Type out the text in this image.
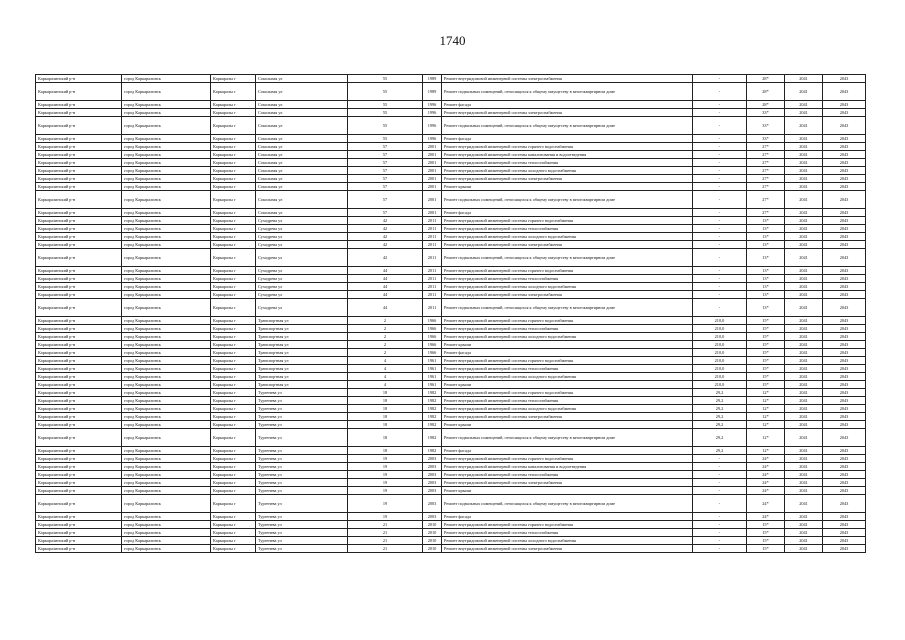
1740
Каркаралинский р-н	город Каркаралинск	Каркаралы г	Сокольная ул	55	1989	Ремонт внутридомовой инженерной системы электроснабжения	-	28*	2041	2043
Каркаралинский р-н	город Каркаралинск	Каркаралы г	Сокольная ул	55	1989	Ремонт подвальных помещений, относящихся к общему имуществу в многоквартирном доме	-	28*	2041	2043
Каркаралинский р-н	город Каркаралинск	Каркаралы г	Сокольная ул	55	1996	Ремонт фасада	-	28*	2041	2043
Каркаралинский р-н	город Каркаралинск	Каркаралы г	Сокольная ул	55	1996	Ремонт внутридомовой инженерной системы электроснабжения	-	33*	2041	2043
Каркаралинский р-н	город Каркаралинск	Каркаралы г	Сокольная ул	55	1996	Ремонт подвальных помещений, относящихся к общему имуществу в многоквартирном доме	-	33*	2041	2043
Каркаралинский р-н	город Каркаралинск	Каркаралы г	Сокольная ул	55	1996	Ремонт фасада	-	33*	2041	2043
Каркаралинский р-н	город Каркаралинск	Каркаралы г	Сокольная ул	57	2001	Ремонт внутридомовой инженерной системы горячего водоснабжения	-	27*	2041	2043
Каркаралинский р-н	город Каркаралинск	Каркаралы г	Сокольная ул	57	2001	Ремонт внутридомовой инженерной системы канализования и водоотведения	-	27*	2041	2043
Каркаралинский р-н	город Каркаралинск	Каркаралы г	Сокольная ул	57	2001	Ремонт внутридомовой инженерной системы теплоснабжения	-	27*	2041	2043
Каркаралинский р-н	город Каркаралинск	Каркаралы г	Сокольная ул	57	2001	Ремонт внутридомовой инженерной системы холодного водоснабжения	-	27*	2041	2043
Каркаралинский р-н	город Каркаралинск	Каркаралы г	Сокольная ул	57	2001	Ремонт внутридомовой инженерной системы электроснабжения	-	27*	2041	2043
Каркаралинский р-н	город Каркаралинск	Каркаралы г	Сокольная ул	57	2001	Ремонт крыши	-	27*	2041	2043
Каркаралинский р-н	город Каркаралинск	Каркаралы г	Сокольная ул	57	2001	Ремонт подвальных помещений, относящихся к общему имуществу в многоквартирном доме	-	27*	2041	2043
Каркаралинский р-н	город Каркаралинск	Каркаралы г	Сокольная ул	57	2001	Ремонт фасада	-	27*	2041	2043
Каркаралинский р-н	город Каркаралинск	Каркаралы г	Суходрева ул	42	2011	Ремонт внутридомовой инженерной системы горячего водоснабжения	-	13*	2041	2043
Каркаралинский р-н	город Каркаралинск	Каркаралы г	Суходрева ул	42	2011	Ремонт внутридомовой инженерной системы теплоснабжения	-	13*	2041	2043
Каркаралинский р-н	город Каркаралинск	Каркаралы г	Суходрева ул	42	2011	Ремонт внутридомовой инженерной системы холодного водоснабжения	-	13*	2041	2043
Каркаралинский р-н	город Каркаралинск	Каркаралы г	Суходрева ул	42	2011	Ремонт внутридомовой инженерной системы электроснабжения	-	13*	2041	2043
Каркаралинский р-н	город Каркаралинск	Каркаралы г	Суходрева ул	42	2011	Ремонт подвальных помещений, относящихся к общему имуществу в многоквартирном доме	-	13*	2041	2043
Каркаралинский р-н	город Каркаралинск	Каркаралы г	Суходрева ул	44	2011	Ремонт внутридомовой инженерной системы горячего водоснабжения	-	13*	2041	2043
Каркаралинский р-н	город Каркаралинск	Каркаралы г	Суходрева ул	44	2011	Ремонт внутридомовой инженерной системы теплоснабжения	-	13*	2041	2043
Каркаралинский р-н	город Каркаралинск	Каркаралы г	Суходрева ул	44	2011	Ремонт внутридомовой инженерной системы холодного водоснабжения	-	13*	2041	2043
Каркаралинский р-н	город Каркаралинск	Каркаралы г	Суходрева ул	44	2011	Ремонт внутридомовой инженерной системы электроснабжения	-	13*	2041	2043
Каркаралинский р-н	город Каркаралинск	Каркаралы г	Суходрева ул	44	2011	Ремонт подвальных помещений, относящихся к общему имуществу в многоквартирном доме	-	13*	2041	2043
Каркаралинский р-н	город Каркаралинск	Каркаралы г	Транспортная ул	2	1966	Ремонт внутридомовой инженерной системы горячего водоснабжения	210,0	15*	2041	2043
Каркаралинский р-н	город Каркаралинск	Каркаралы г	Транспортная ул	2	1966	Ремонт внутридомовой инженерной системы теплоснабжения	210,0	15*	2041	2043
Каркаралинский р-н	город Каркаралинск	Каркаралы г	Транспортная ул	2	1966	Ремонт внутридомовой инженерной системы холодного водоснабжения	210,0	15*	2041	2043
Каркаралинский р-н	город Каркаралинск	Каркаралы г	Транспортная ул	2	1966	Ремонт крыши	210,0	15*	2041	2043
Каркаралинский р-н	город Каркаралинск	Каркаралы г	Транспортная ул	2	1966	Ремонт фасада	210,0	15*	2041	2043
Каркаралинский р-н	город Каркаралинск	Каркаралы г	Транспортная ул	4	1961	Ремонт внутридомовой инженерной системы горячего водоснабжения	210,0	15*	2041	2043
Каркаралинский р-н	город Каркаралинск	Каркаралы г	Транспортная ул	4	1961	Ремонт внутридомовой инженерной системы теплоснабжения	210,0	15*	2041	2043
Каркаралинский р-н	город Каркаралинск	Каркаралы г	Транспортная ул	4	1961	Ремонт внутридомовой инженерной системы холодного водоснабжения	210,0	15*	2041	2043
Каркаралинский р-н	город Каркаралинск	Каркаралы г	Транспортная ул	4	1961	Ремонт крыши	210,0	15*	2041	2043
Каркаралинский р-н	город Каркаралинск	Каркаралы г	Тургенева ул	18	1982	Ремонт внутридомовой инженерной системы горячего водоснабжения	29,2	12*	2041	2043
Каркаралинский р-н	город Каркаралинск	Каркаралы г	Тургенева ул	18	1982	Ремонт внутридомовой инженерной системы теплоснабжения	29,2	12*	2041	2043
Каркаралинский р-н	город Каркаралинск	Каркаралы г	Тургенева ул	18	1982	Ремонт внутридомовой инженерной системы холодного водоснабжения	29,2	12*	2041	2043
Каркаралинский р-н	город Каркаралинск	Каркаралы г	Тургенева ул	18	1982	Ремонт внутридомовой инженерной системы электроснабжения	29,2	12*	2041	2043
Каркаралинский р-н	город Каркаралинск	Каркаралы г	Тургенева ул	18	1982	Ремонт крыши	29,2	12*	2041	2043
Каркаралинский р-н	город Каркаралинск	Каркаралы г	Тургенева ул	18	1982	Ремонт подвальных помещений, относящихся к общему имуществу в многоквартирном доме	29,2	12*	2041	2043
Каркаралинский р-н	город Каркаралинск	Каркаралы г	Тургенева ул	18	1982	Ремонт фасада	29,2	12*	2041	2043
Каркаралинский р-н	город Каркаралинск	Каркаралы г	Тургенева ул	19	2003	Ремонт внутридомовой инженерной системы горячего водоснабжения	-	24*	2041	2043
Каркаралинский р-н	город Каркаралинск	Каркаралы г	Тургенева ул	19	2003	Ремонт внутридомовой инженерной системы канализования и водоотведения	-	24*	2041	2043
Каркаралинский р-н	город Каркаралинск	Каркаралы г	Тургенева ул	19	2003	Ремонт внутридомовой инженерной системы теплоснабжения	-	24*	2041	2043
Каркаралинский р-н	город Каркаралинск	Каркаралы г	Тургенева ул	19	2003	Ремонт внутридомовой инженерной системы электроснабжения	-	24*	2041	2043
Каркаралинский р-н	город Каркаралинск	Каркаралы г	Тургенева ул	19	2003	Ремонт крыши	-	24*	2041	2043
Каркаралинский р-н	город Каркаралинск	Каркаралы г	Тургенева ул	19	2003	Ремонт подвальных помещений, относящихся к общему имуществу в многоквартирном доме	-	24*	2041	2043
Каркаралинский р-н	город Каркаралинск	Каркаралы г	Тургенева ул	19	2003	Ремонт фасада	-	24*	2041	2043
Каркаралинский р-н	город Каркаралинск	Каркаралы г	Тургенева ул	21	2010	Ремонт внутридомовой инженерной системы горячего водоснабжения	-	15*	2041	2043
Каркаралинский р-н	город Каркаралинск	Каркаралы г	Тургенева ул	21	2010	Ремонт внутридомовой инженерной системы теплоснабжения	-	15*	2041	2043
Каркаралинский р-н	город Каркаралинск	Каркаралы г	Тургенева ул	21	2010	Ремонт внутридомовой инженерной системы холодного водоснабжения	-	15*	2041	2043
Каркаралинский р-н	город Каркаралинск	Каркаралы г	Тургенева ул	21	2010	Ремонт внутридомовой инженерной системы электроснабжения	-	15*	2041	2043
